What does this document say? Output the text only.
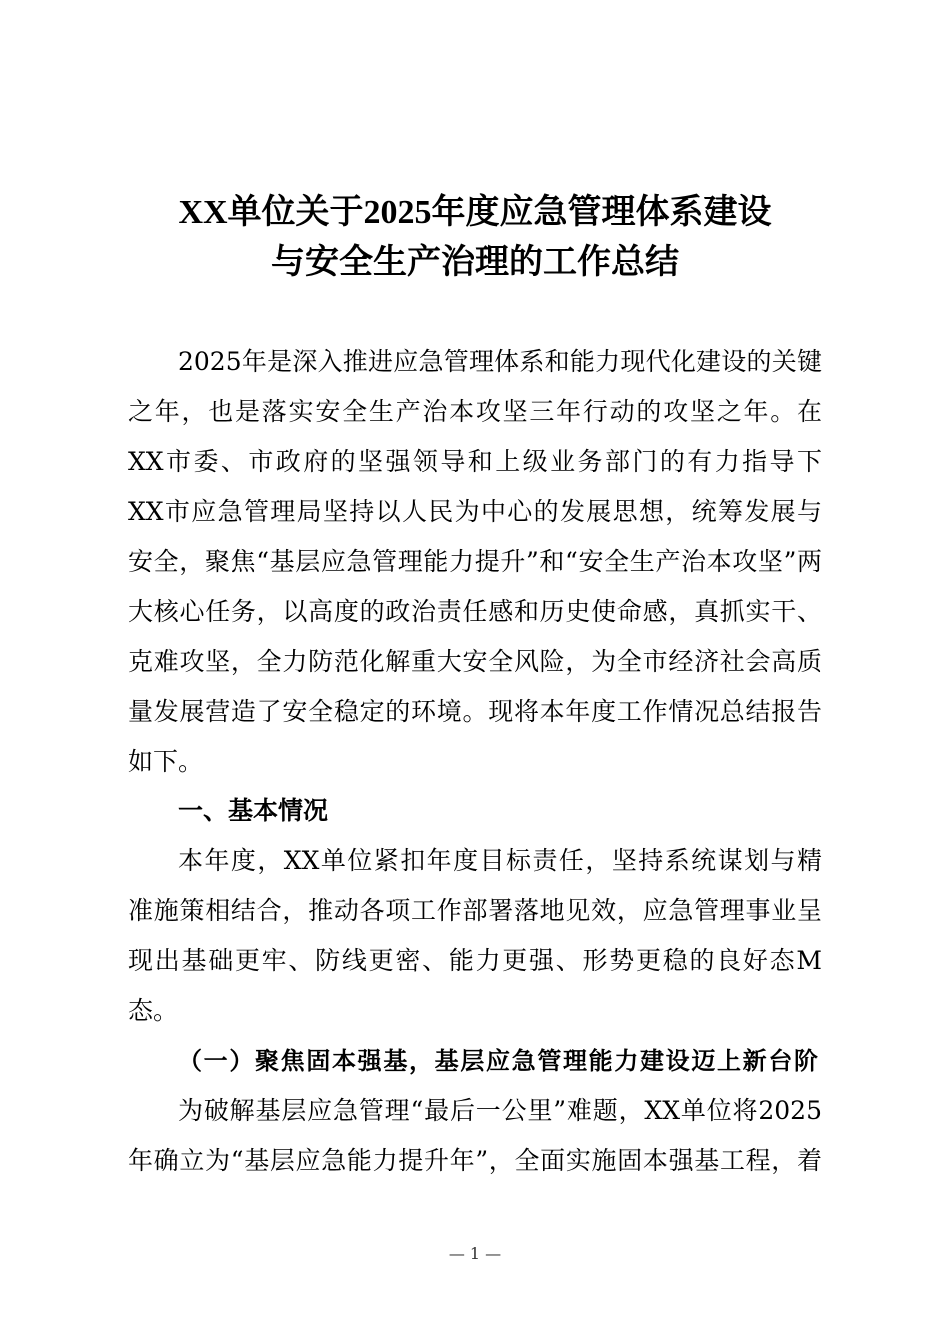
XX单位关于2025年度应急管理体系建设
与安全生产治理的工作总结
2025年是深入推进应急管理体系和能力现代化建设的关键
之年，也是落实安全生产治本攻坚三年行动的攻坚之年。在
XX市委、市政府的坚强领导和上级业务部门的有力指导下
XX市应急管理局坚持以人民为中心的发展思想，统筹发展与
安全，聚焦“基层应急管理能力提升”和“安全生产治本攻坚”两
大核心任务，以高度的政治责任感和历史使命感，真抓实干、
克难攻坚，全力防范化解重大安全风险，为全市经济社会高质
量发展营造了安全稳定的环境。现将本年度工作情况总结报告
如下。
一、基本情况
本年度，XX单位紧扣年度目标责任，坚持系统谋划与精
准施策相结合，推动各项工作部署落地见效，应急管理事业呈
现出基础更牢、防线更密、能力更强、形势更稳的良好态M
态。
（一）聚焦固本强基，基层应急管理能力建设迈上新台阶
为破解基层应急管理“最后一公里”难题，XX单位将2025
年确立为“基层应急能力提升年”，全面实施固本强基工程，着
— 1 —
